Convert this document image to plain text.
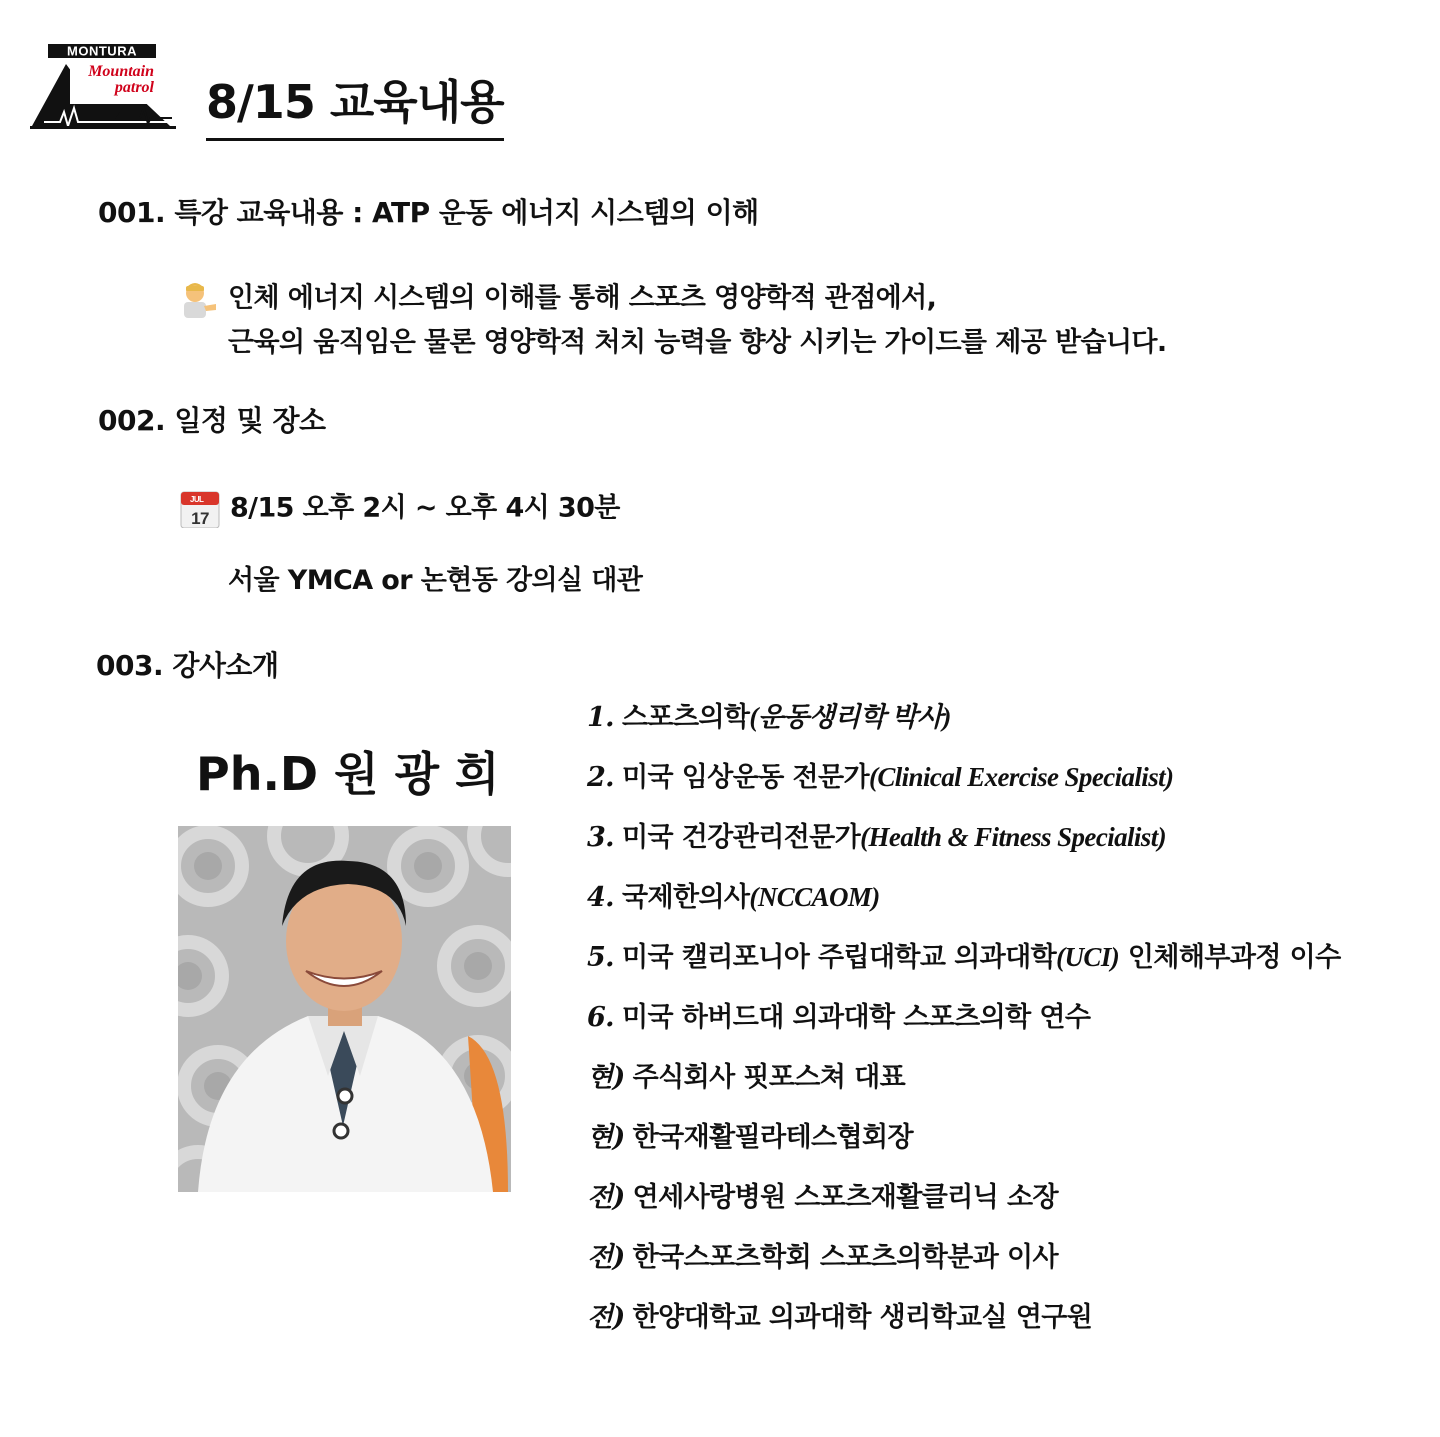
MONTURA
Mountain
patrol 8/15 교육내용
001. 특강 교육내용 : ATP 운동 에너지 시스템의 이해
인체 에너지 시스템의 이해를 통해 스포츠 영양학적 관점에서,
근육의 움직임은 물론 영양학적 처치 능력을 향상 시키는 가이드를 제공 받습니다.
002. 일정 및 장소
JUL
17 8/15 오후 2시 ~ 오후 4시 30분
서울 YMCA or 논현동 강의실 대관
003. 강사소개
Ph.D 원 광 희
1. 스포츠의학(운동생리학 박사)
2. 미국 임상운동 전문가(Clinical Exercise Specialist)
3. 미국 건강관리전문가(Health & Fitness Specialist)
4. 국제한의사(NCCAOM)
5. 미국 캘리포니아 주립대학교 의과대학(UCI) 인체해부과정 이수
6. 미국 하버드대 의과대학 스포츠의학 연수
현) 주식회사 핏포스쳐 대표
현) 한국재활필라테스협회장
전) 연세사랑병원 스포츠재활클리닉 소장
전) 한국스포츠학회 스포츠의학분과 이사
전) 한양대학교 의과대학 생리학교실 연구원
